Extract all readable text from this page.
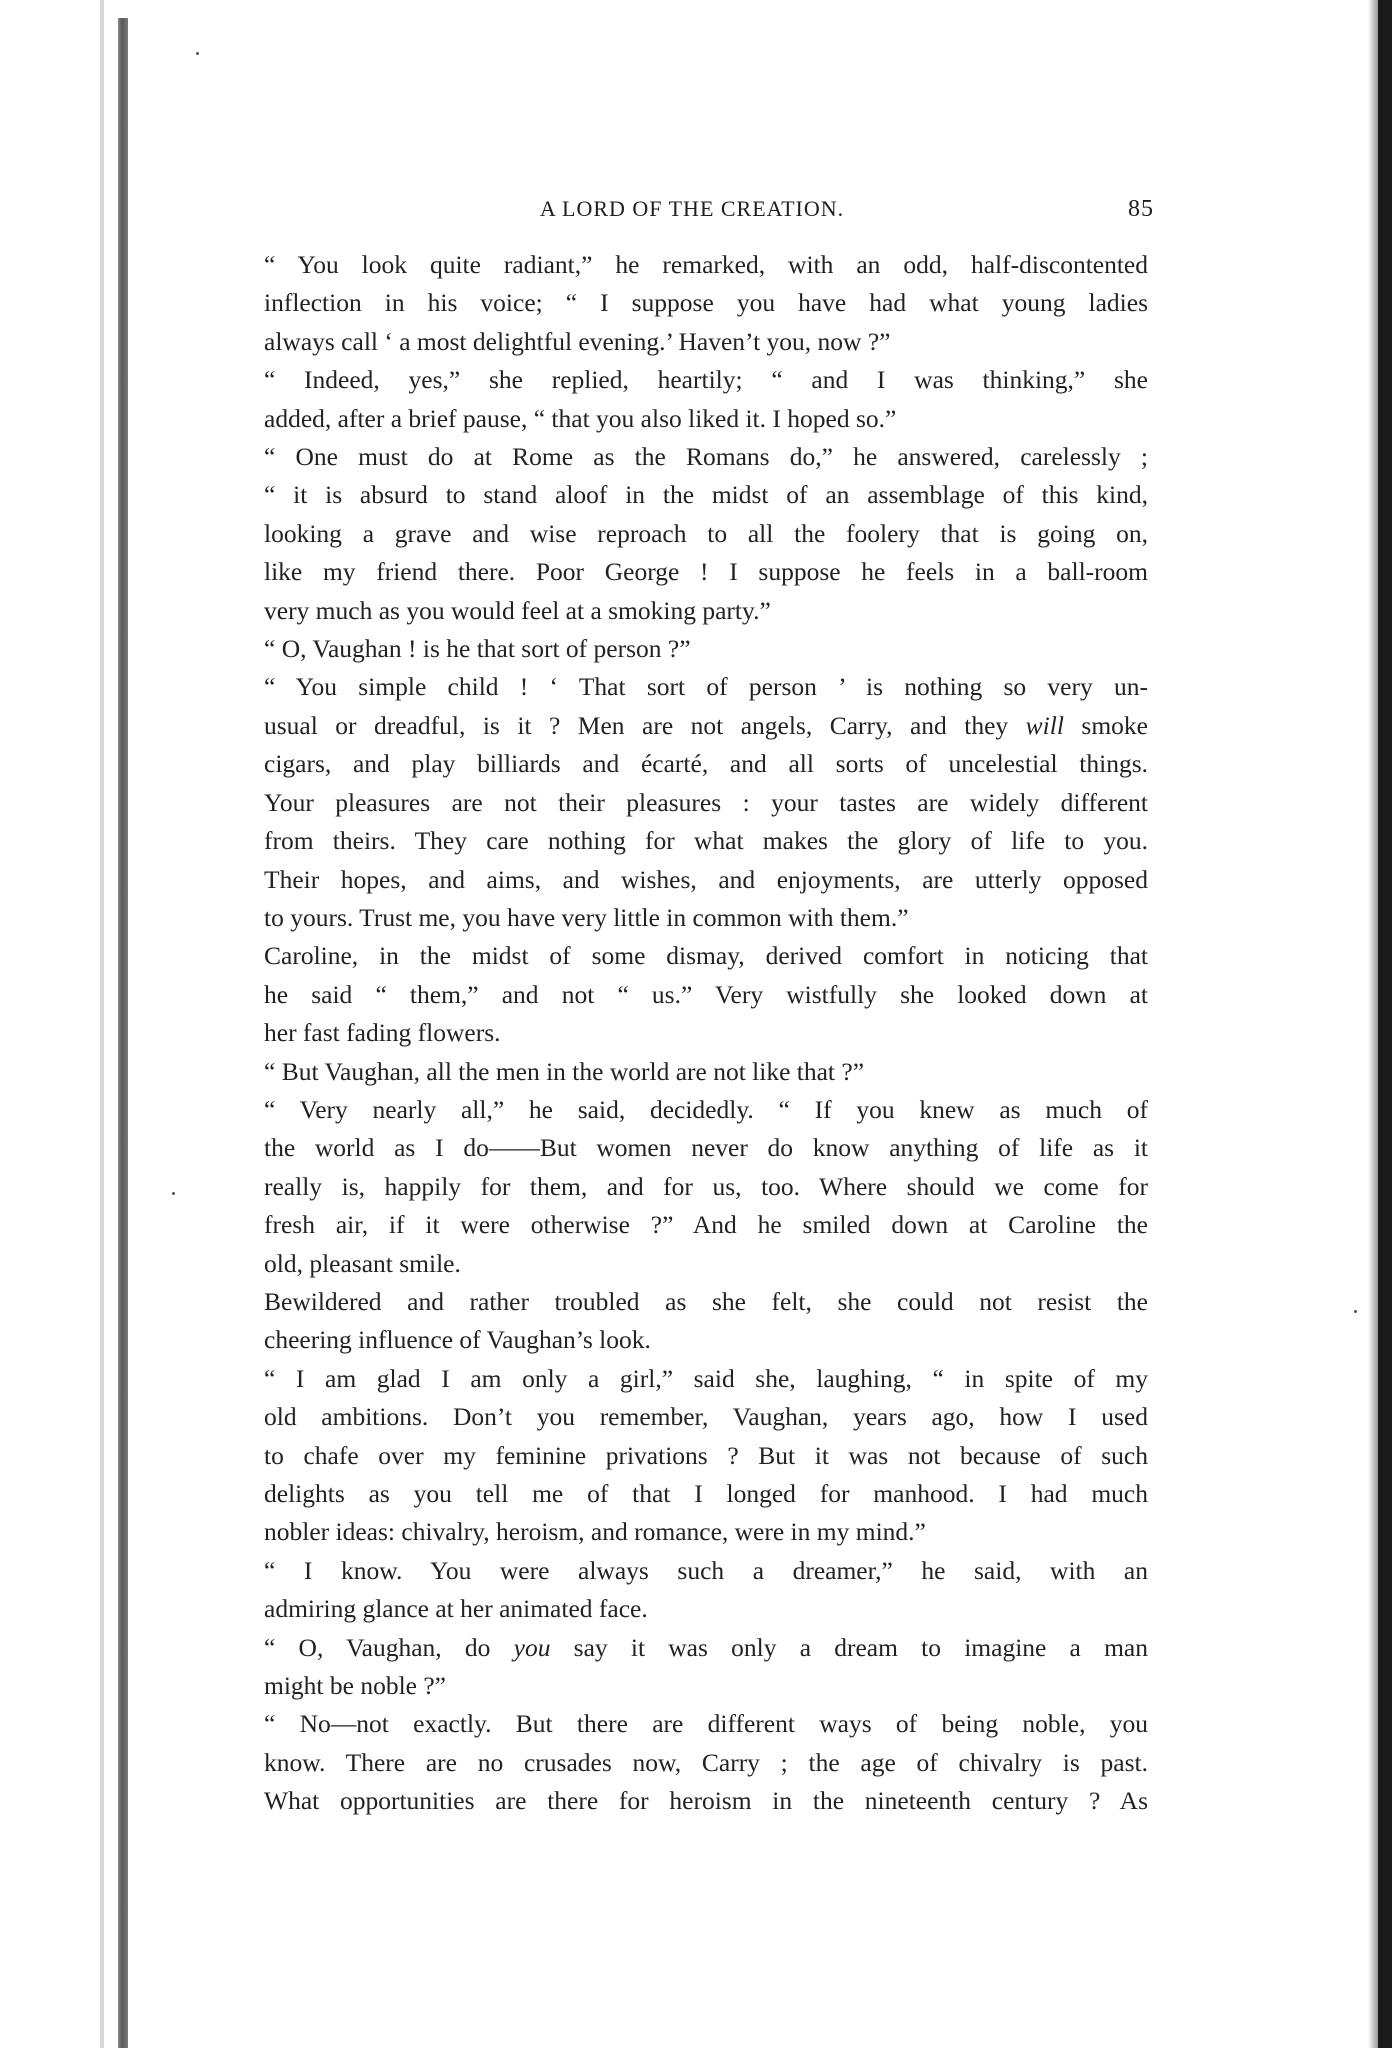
A LORD OF THE CREATION.	85

“ You look quite radiant,” he remarked, with an odd, half-discontented
inflection in his voice; “ I suppose you have had what young ladies
always call ‘ a most delightful evening.’ Haven’t you, now ?”

“ Indeed, yes,” she replied, heartily; “ and I was thinking,” she
added, after a brief pause, “ that you also liked it. I hoped so.”

“ One must do at Rome as the Romans do,” he answered, carelessly ;
“ it is absurd to stand aloof in the midst of an assemblage of this kind,
looking a grave and wise reproach to all the foolery that is going on,
like my friend there. Poor George ! I suppose he feels in a ball-room
very much as you would feel at a smoking party.”

“ O, Vaughan ! is he that sort of person ?”

“ You simple child ! ‘ That sort of person ’ is nothing so very un-
usual or dreadful, is it ? Men are not angels, Carry, and they will smoke
cigars, and play billiards and écarté, and all sorts of uncelestial things.
Your pleasures are not their pleasures : your tastes are widely different
from theirs. They care nothing for what makes the glory of life to you.
Their hopes, and aims, and wishes, and enjoyments, are utterly opposed
to yours. Trust me, you have very little in common with them.”

Caroline, in the midst of some dismay, derived comfort in noticing that
he said “ them,” and not “ us.” Very wistfully she looked down at
her fast fading flowers.

“ But Vaughan, all the men in the world are not like that ?”

“ Very nearly all,” he said, decidedly. “ If you knew as much of
the world as I do——But women never do know anything of life as it
really is, happily for them, and for us, too. Where should we come for
fresh air, if it were otherwise ?” And he smiled down at Caroline the
old, pleasant smile.

Bewildered and rather troubled as she felt, she could not resist the
cheering influence of Vaughan’s look.

“ I am glad I am only a girl,” said she, laughing, “ in spite of my
old ambitions. Don’t you remember, Vaughan, years ago, how I used
to chafe over my feminine privations ? But it was not because of such
delights as you tell me of that I longed for manhood. I had much
nobler ideas: chivalry, heroism, and romance, were in my mind.”

“ I know. You were always such a dreamer,” he said, with an
admiring glance at her animated face.

“ O, Vaughan, do you say it was only a dream to imagine a man
might be noble ?”

“ No—not exactly. But there are different ways of being noble, you
know. There are no crusades now, Carry ; the age of chivalry is past.
What opportunities are there for heroism in the nineteenth century ? As
